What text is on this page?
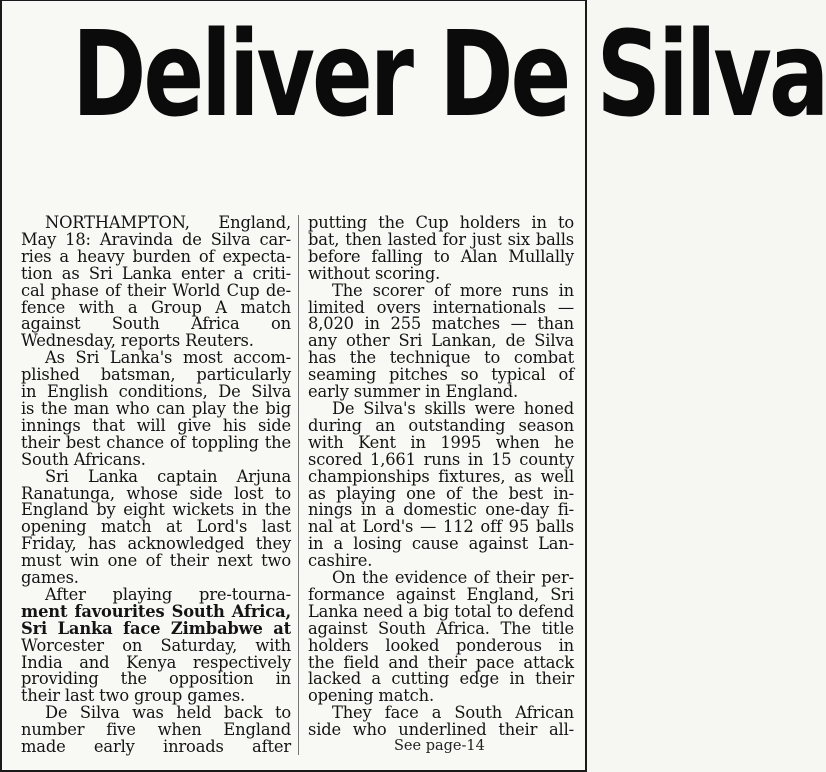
Deliver De Silva
NORTHAMPTON, England,
May 18: Aravinda de Silva car-
ries a heavy burden of expecta-
tion as Sri Lanka enter a criti-
cal phase of their World Cup de-
fence with a Group A match
against South Africa on
Wednesday, reports Reuters.
As Sri Lanka's most accom-
plished batsman, particularly
in English conditions, De Silva
is the man who can play the big
innings that will give his side
their best chance of toppling the
South Africans.
Sri Lanka captain Arjuna
Ranatunga, whose side lost to
England by eight wickets in the
opening match at Lord's last
Friday, has acknowledged they
must win one of their next two
games.
After playing pre-tourna-
ment favourites South Africa,
Sri Lanka face Zimbabwe at
Worcester on Saturday, with
India and Kenya respectively
providing the opposition in
their last two group games.
De Silva was held back to
number five when England
made early inroads after
putting the Cup holders in to
bat, then lasted for just six balls
before falling to Alan Mullally
without scoring.
The scorer of more runs in
limited overs internationals —
8,020 in 255 matches — than
any other Sri Lankan, de Silva
has the technique to combat
seaming pitches so typical of
early summer in England.
De Silva's skills were honed
during an outstanding season
with Kent in 1995 when he
scored 1,661 runs in 15 county
championships fixtures, as well
as playing one of the best in-
nings in a domestic one-day fi-
nal at Lord's — 112 off 95 balls
in a losing cause against Lan-
cashire.
On the evidence of their per-
formance against England, Sri
Lanka need a big total to defend
against South Africa. The title
holders looked ponderous in
the field and their pace attack
lacked a cutting edge in their
opening match.
They face a South African
side who underlined their all-
See page-14
